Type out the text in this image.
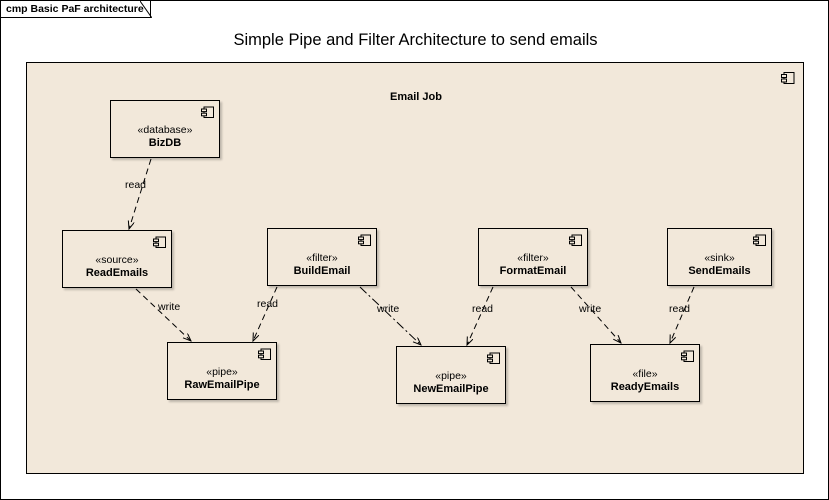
cmp Basic PaF architecture
Simple Pipe and Filter Architecture to send emails
Email Job
read
write	read	write	read	write	read
«database»
BizDB
«source»
ReadEmails
«filter»
BuildEmail
«filter»
FormatEmail
«sink»
SendEmails
«pipe»
RawEmailPipe
«pipe»
NewEmailPipe
«file»
ReadyEmails
